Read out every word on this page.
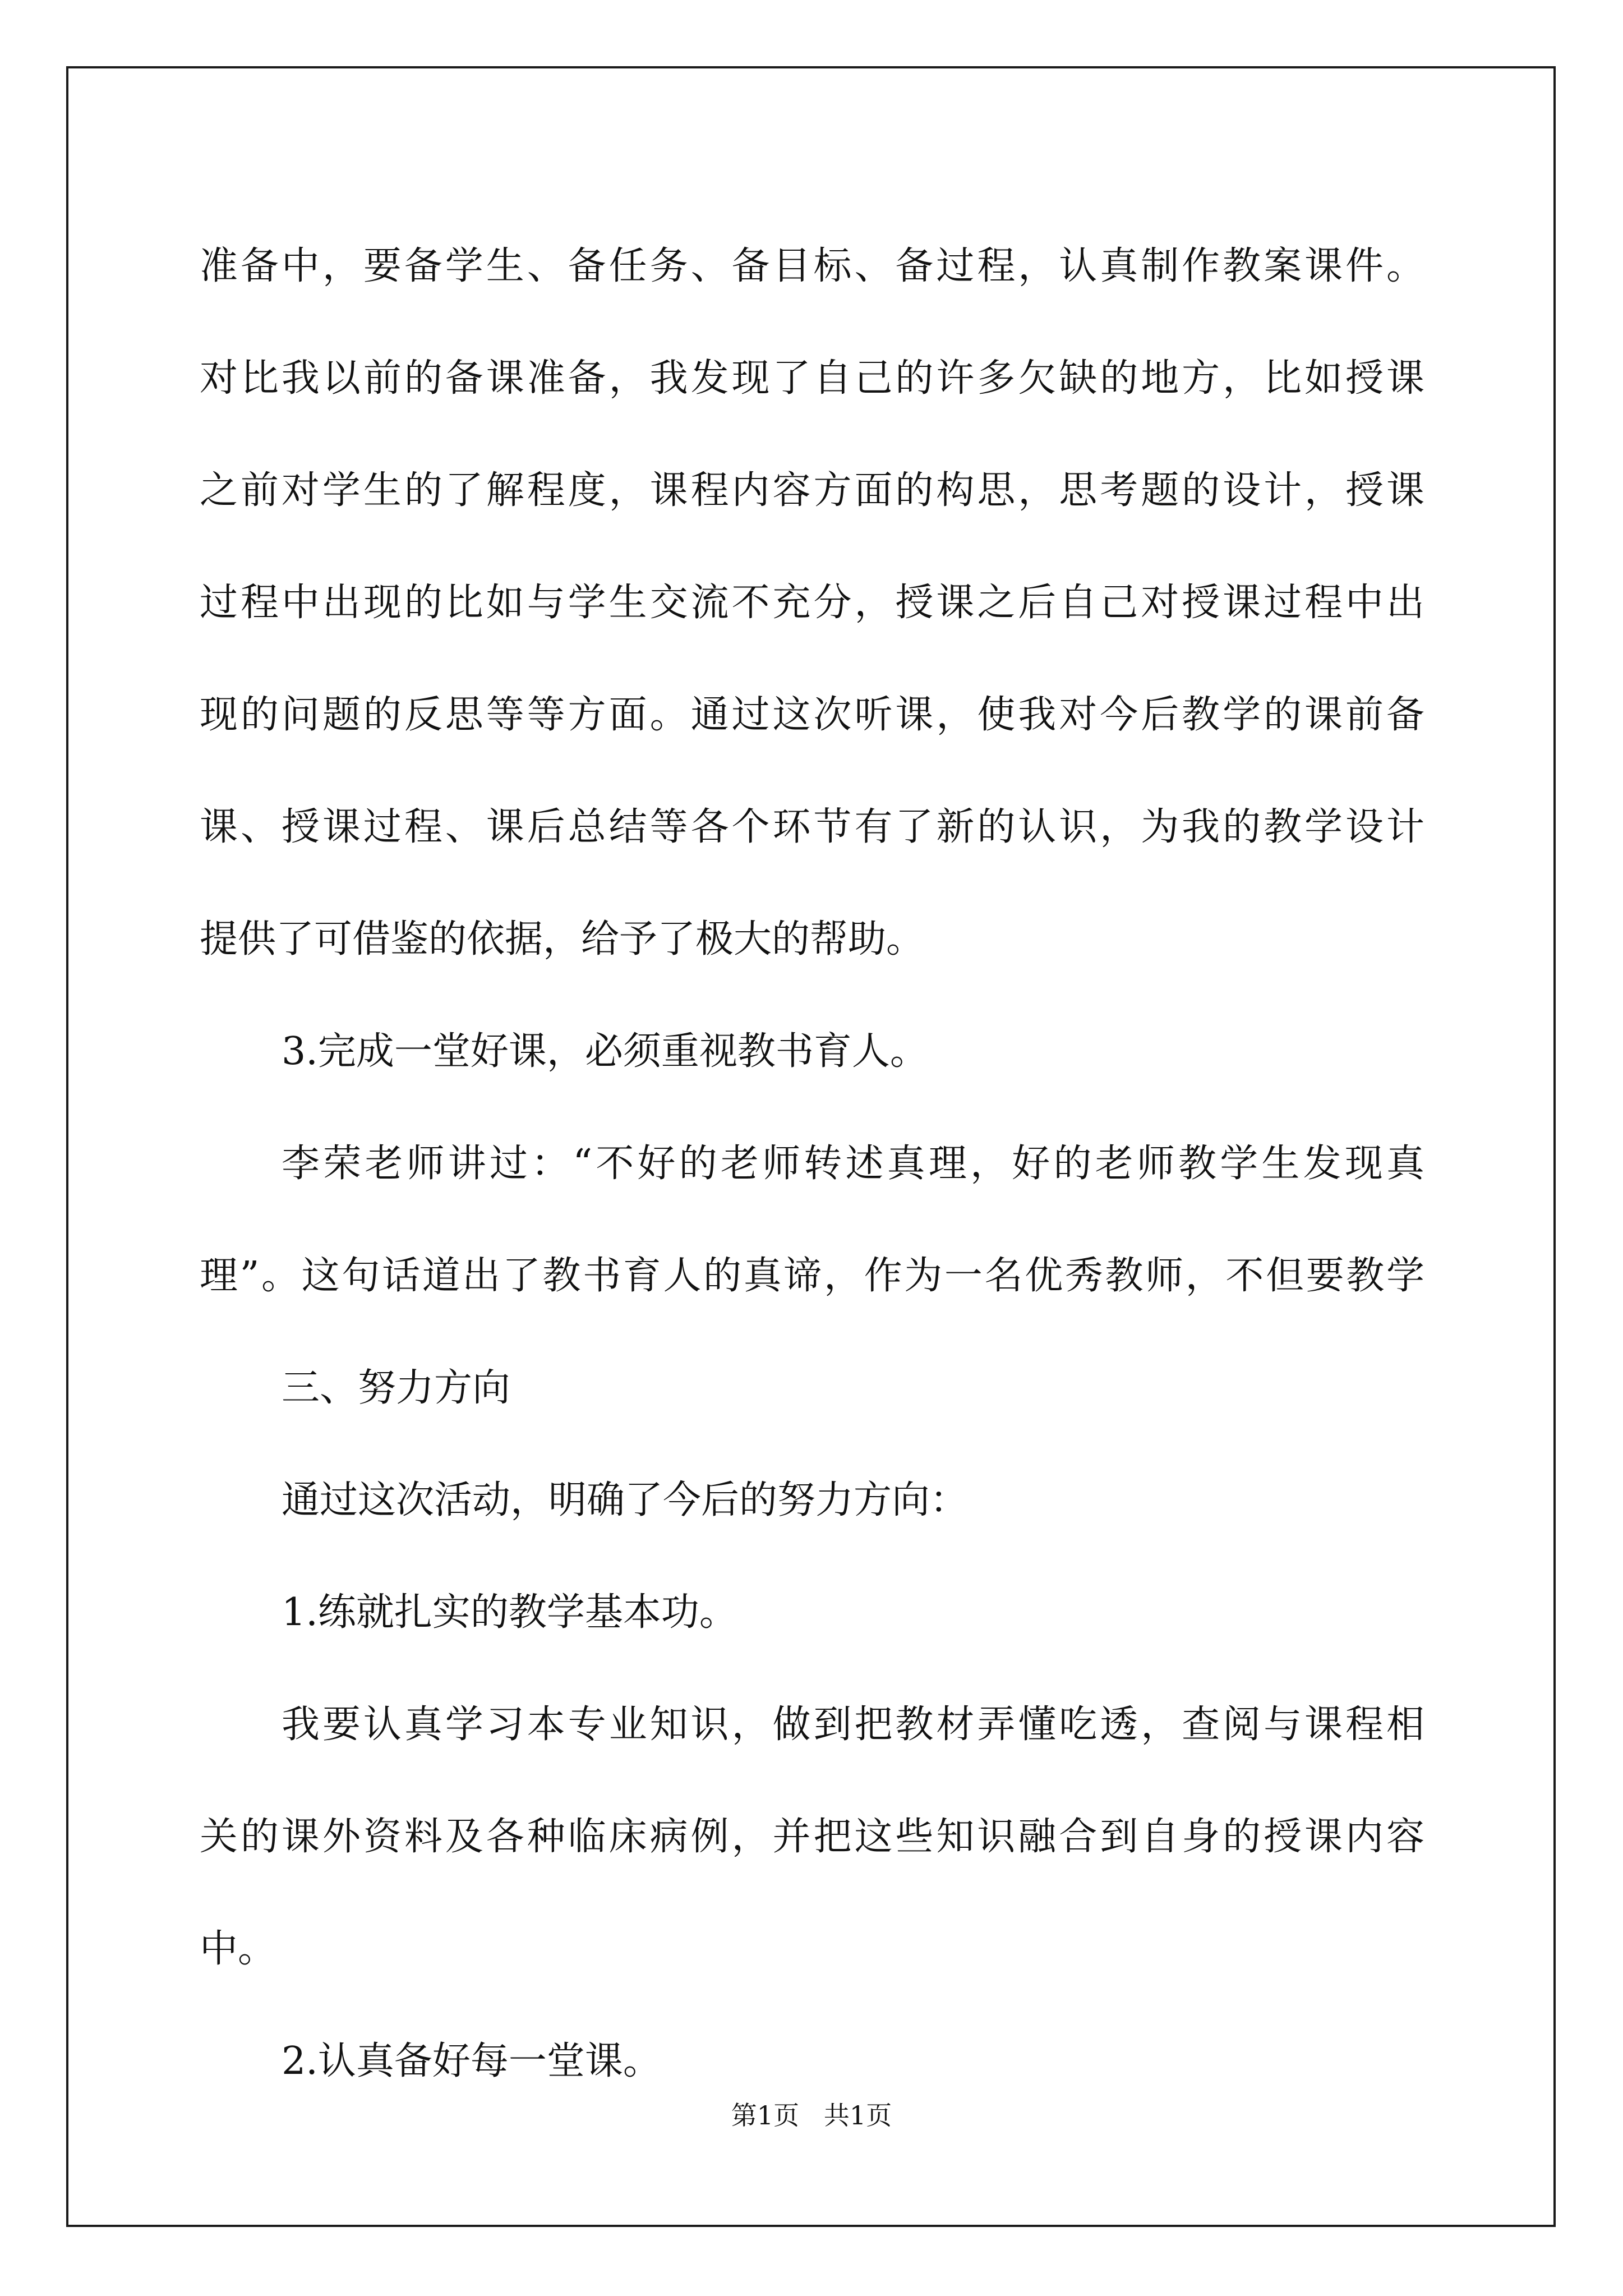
准备中，要备学生、备任务、备目标、备过程，认真制作教案课件。
对比我以前的备课准备，我发现了自己的许多欠缺的地方，比如授课
之前对学生的了解程度，课程内容方面的构思，思考题的设计，授课
过程中出现的比如与学生交流不充分，授课之后自己对授课过程中出
现的问题的反思等等方面。通过这次听课，使我对今后教学的课前备
课、授课过程、课后总结等各个环节有了新的认识，为我的教学设计
提供了可借鉴的依据，给予了极大的帮助。
3.完成一堂好课，必须重视教书育人。
李荣老师讲过：“不好的老师转述真理，好的老师教学生发现真
理”。这句话道出了教书育人的真谛，作为一名优秀教师，不但要教学
三、努力方向
通过这次活动，明确了今后的努力方向：
1.练就扎实的教学基本功。
我要认真学习本专业知识，做到把教材弄懂吃透，查阅与课程相
关的课外资料及各种临床病例，并把这些知识融合到自身的授课内容
中。
2.认真备好每一堂课。
第1页   共1页
